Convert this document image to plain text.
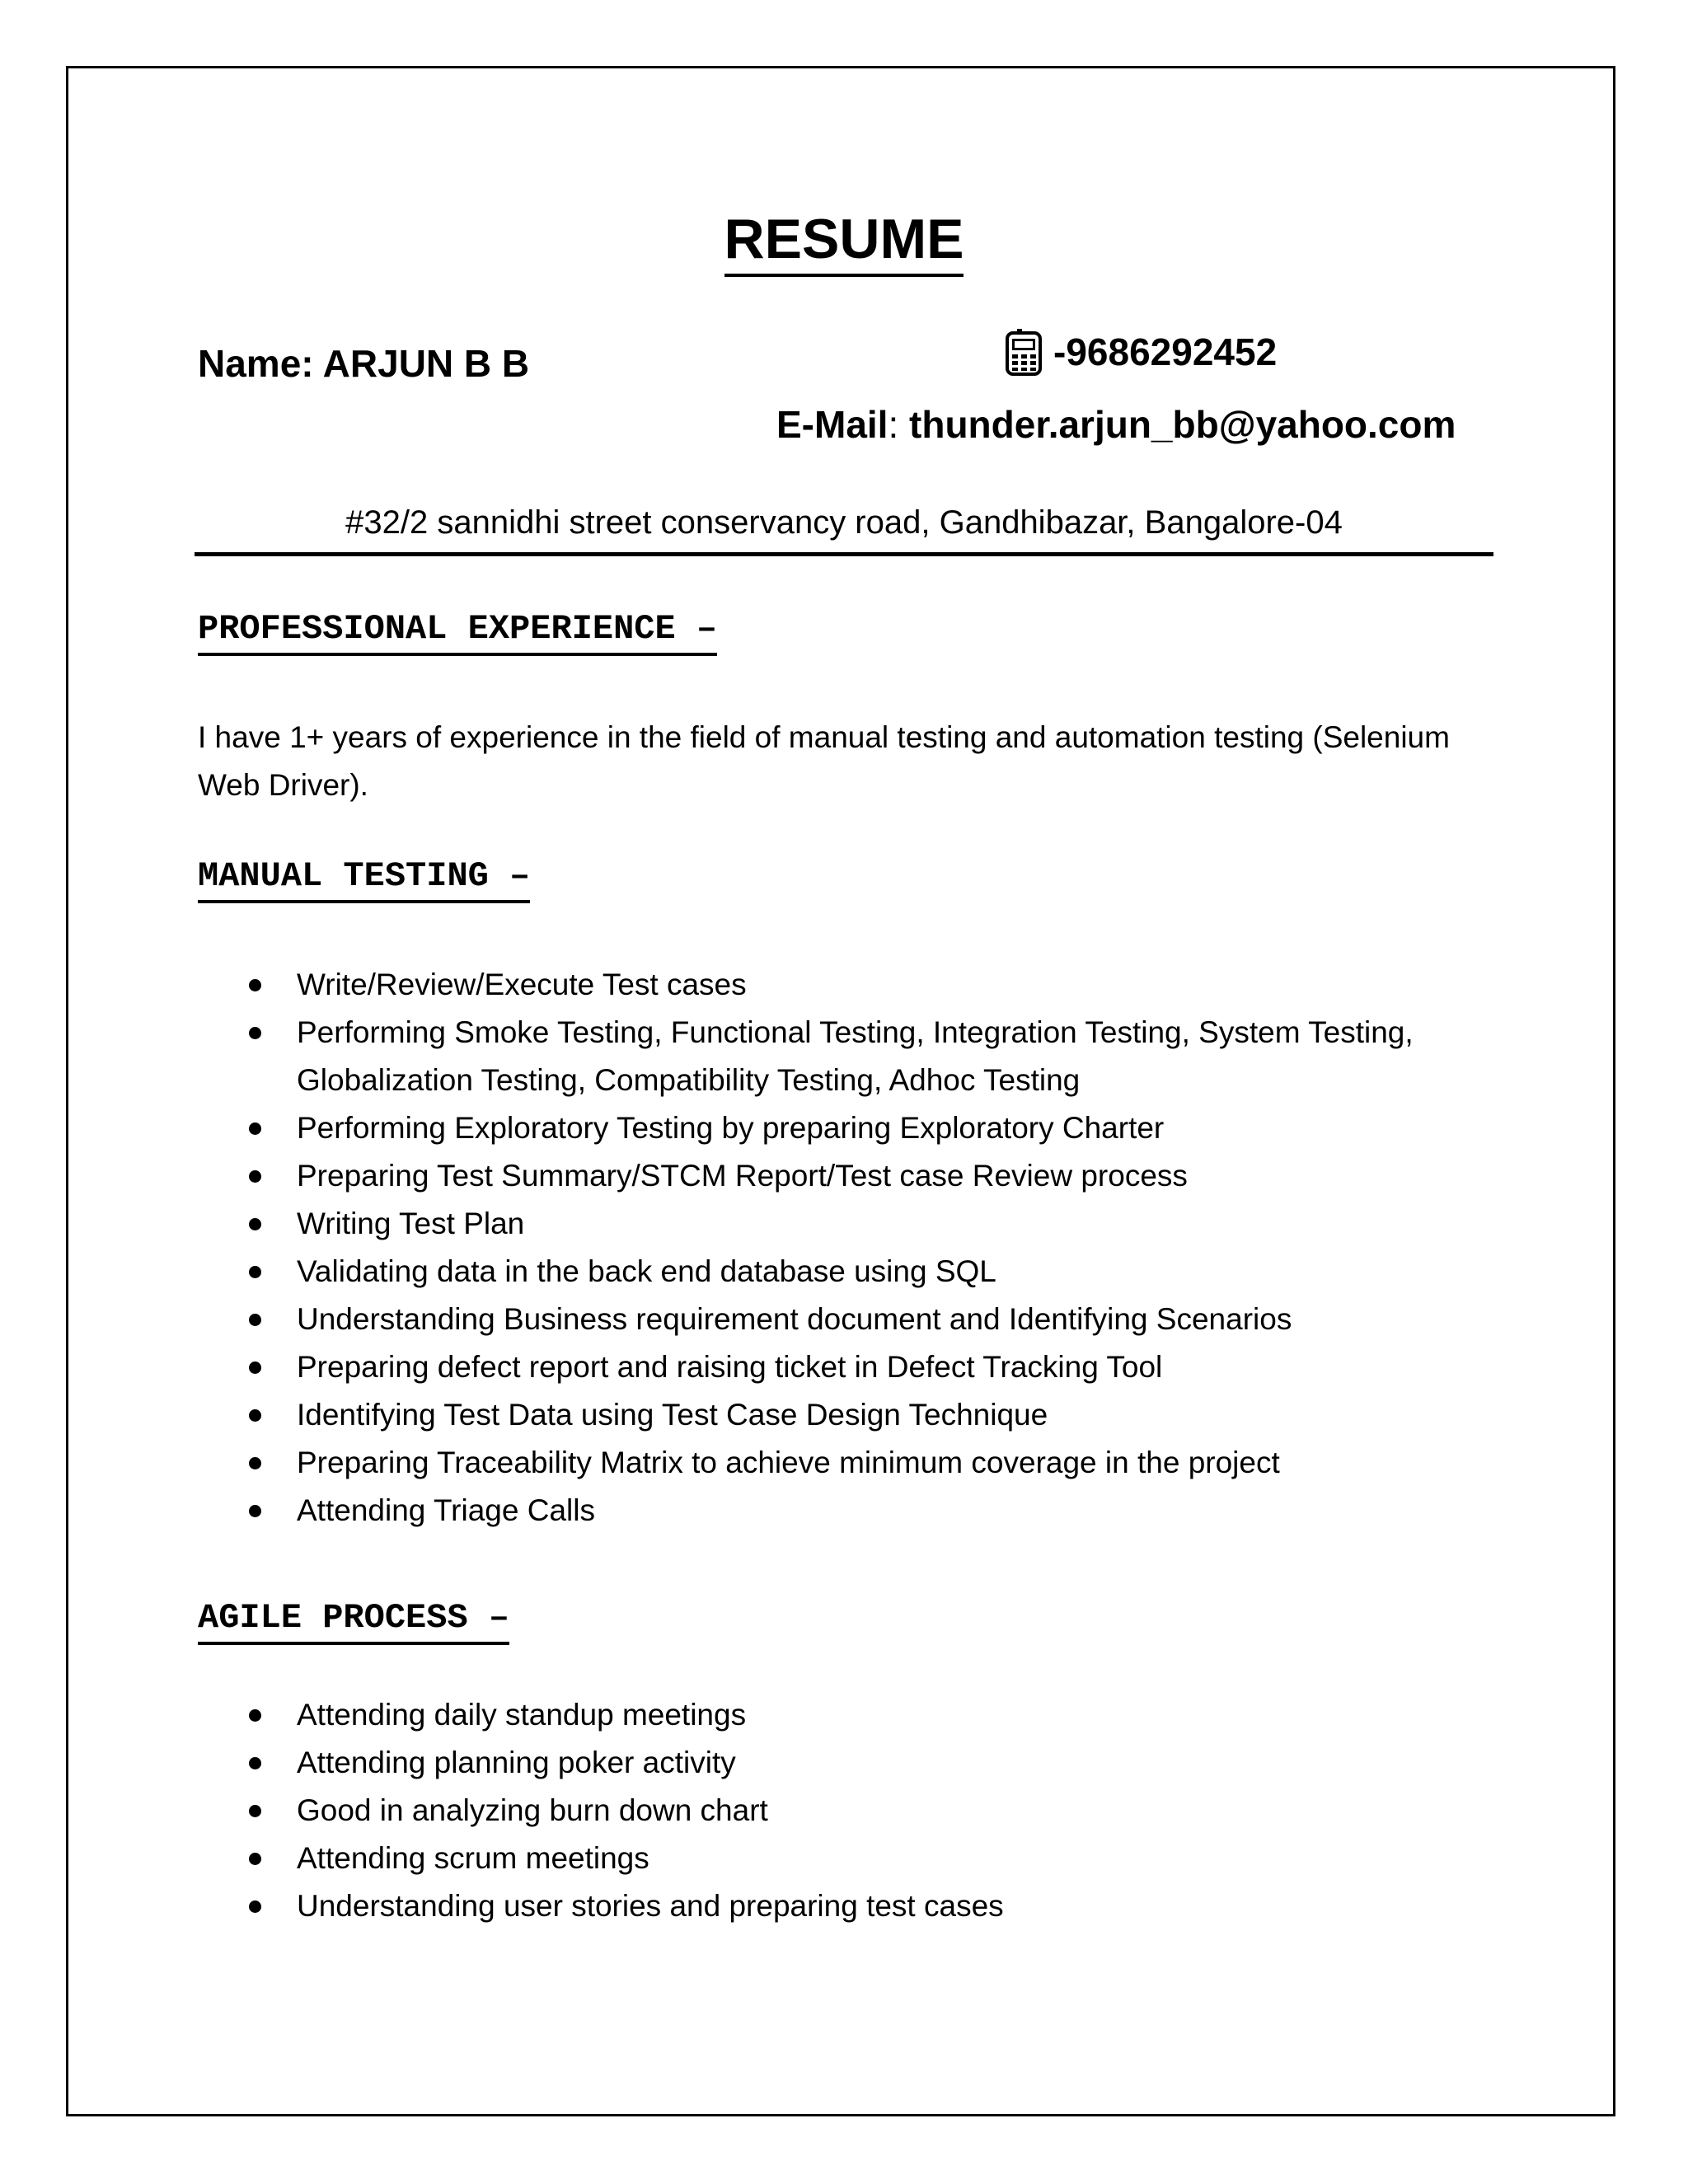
RESUME
Name: ARJUN B B	-9686292452
E-Mail: thunder.arjun_bb@yahoo.com
#32/2 sannidhi street conservancy road, Gandhibazar, Bangalore-04
PROFESSIONAL EXPERIENCE –
I have 1+ years of experience in the field of manual testing and automation testing (Selenium Web Driver).
MANUAL TESTING –
Write/Review/Execute Test cases
Performing Smoke Testing, Functional Testing, Integration Testing, System Testing, Globalization Testing, Compatibility Testing, Adhoc Testing
Performing Exploratory Testing by preparing Exploratory Charter
Preparing Test Summary/STCM Report/Test case Review process
Writing Test Plan
Validating data in the back end database using SQL
Understanding Business requirement document and Identifying Scenarios
Preparing defect report and raising ticket in Defect Tracking Tool
Identifying Test Data using Test Case Design Technique
Preparing Traceability Matrix to achieve minimum coverage in the project
Attending Triage Calls
AGILE PROCESS –
Attending daily standup meetings
Attending planning poker activity
Good in analyzing burn down chart
Attending scrum meetings
Understanding user stories and preparing test cases
